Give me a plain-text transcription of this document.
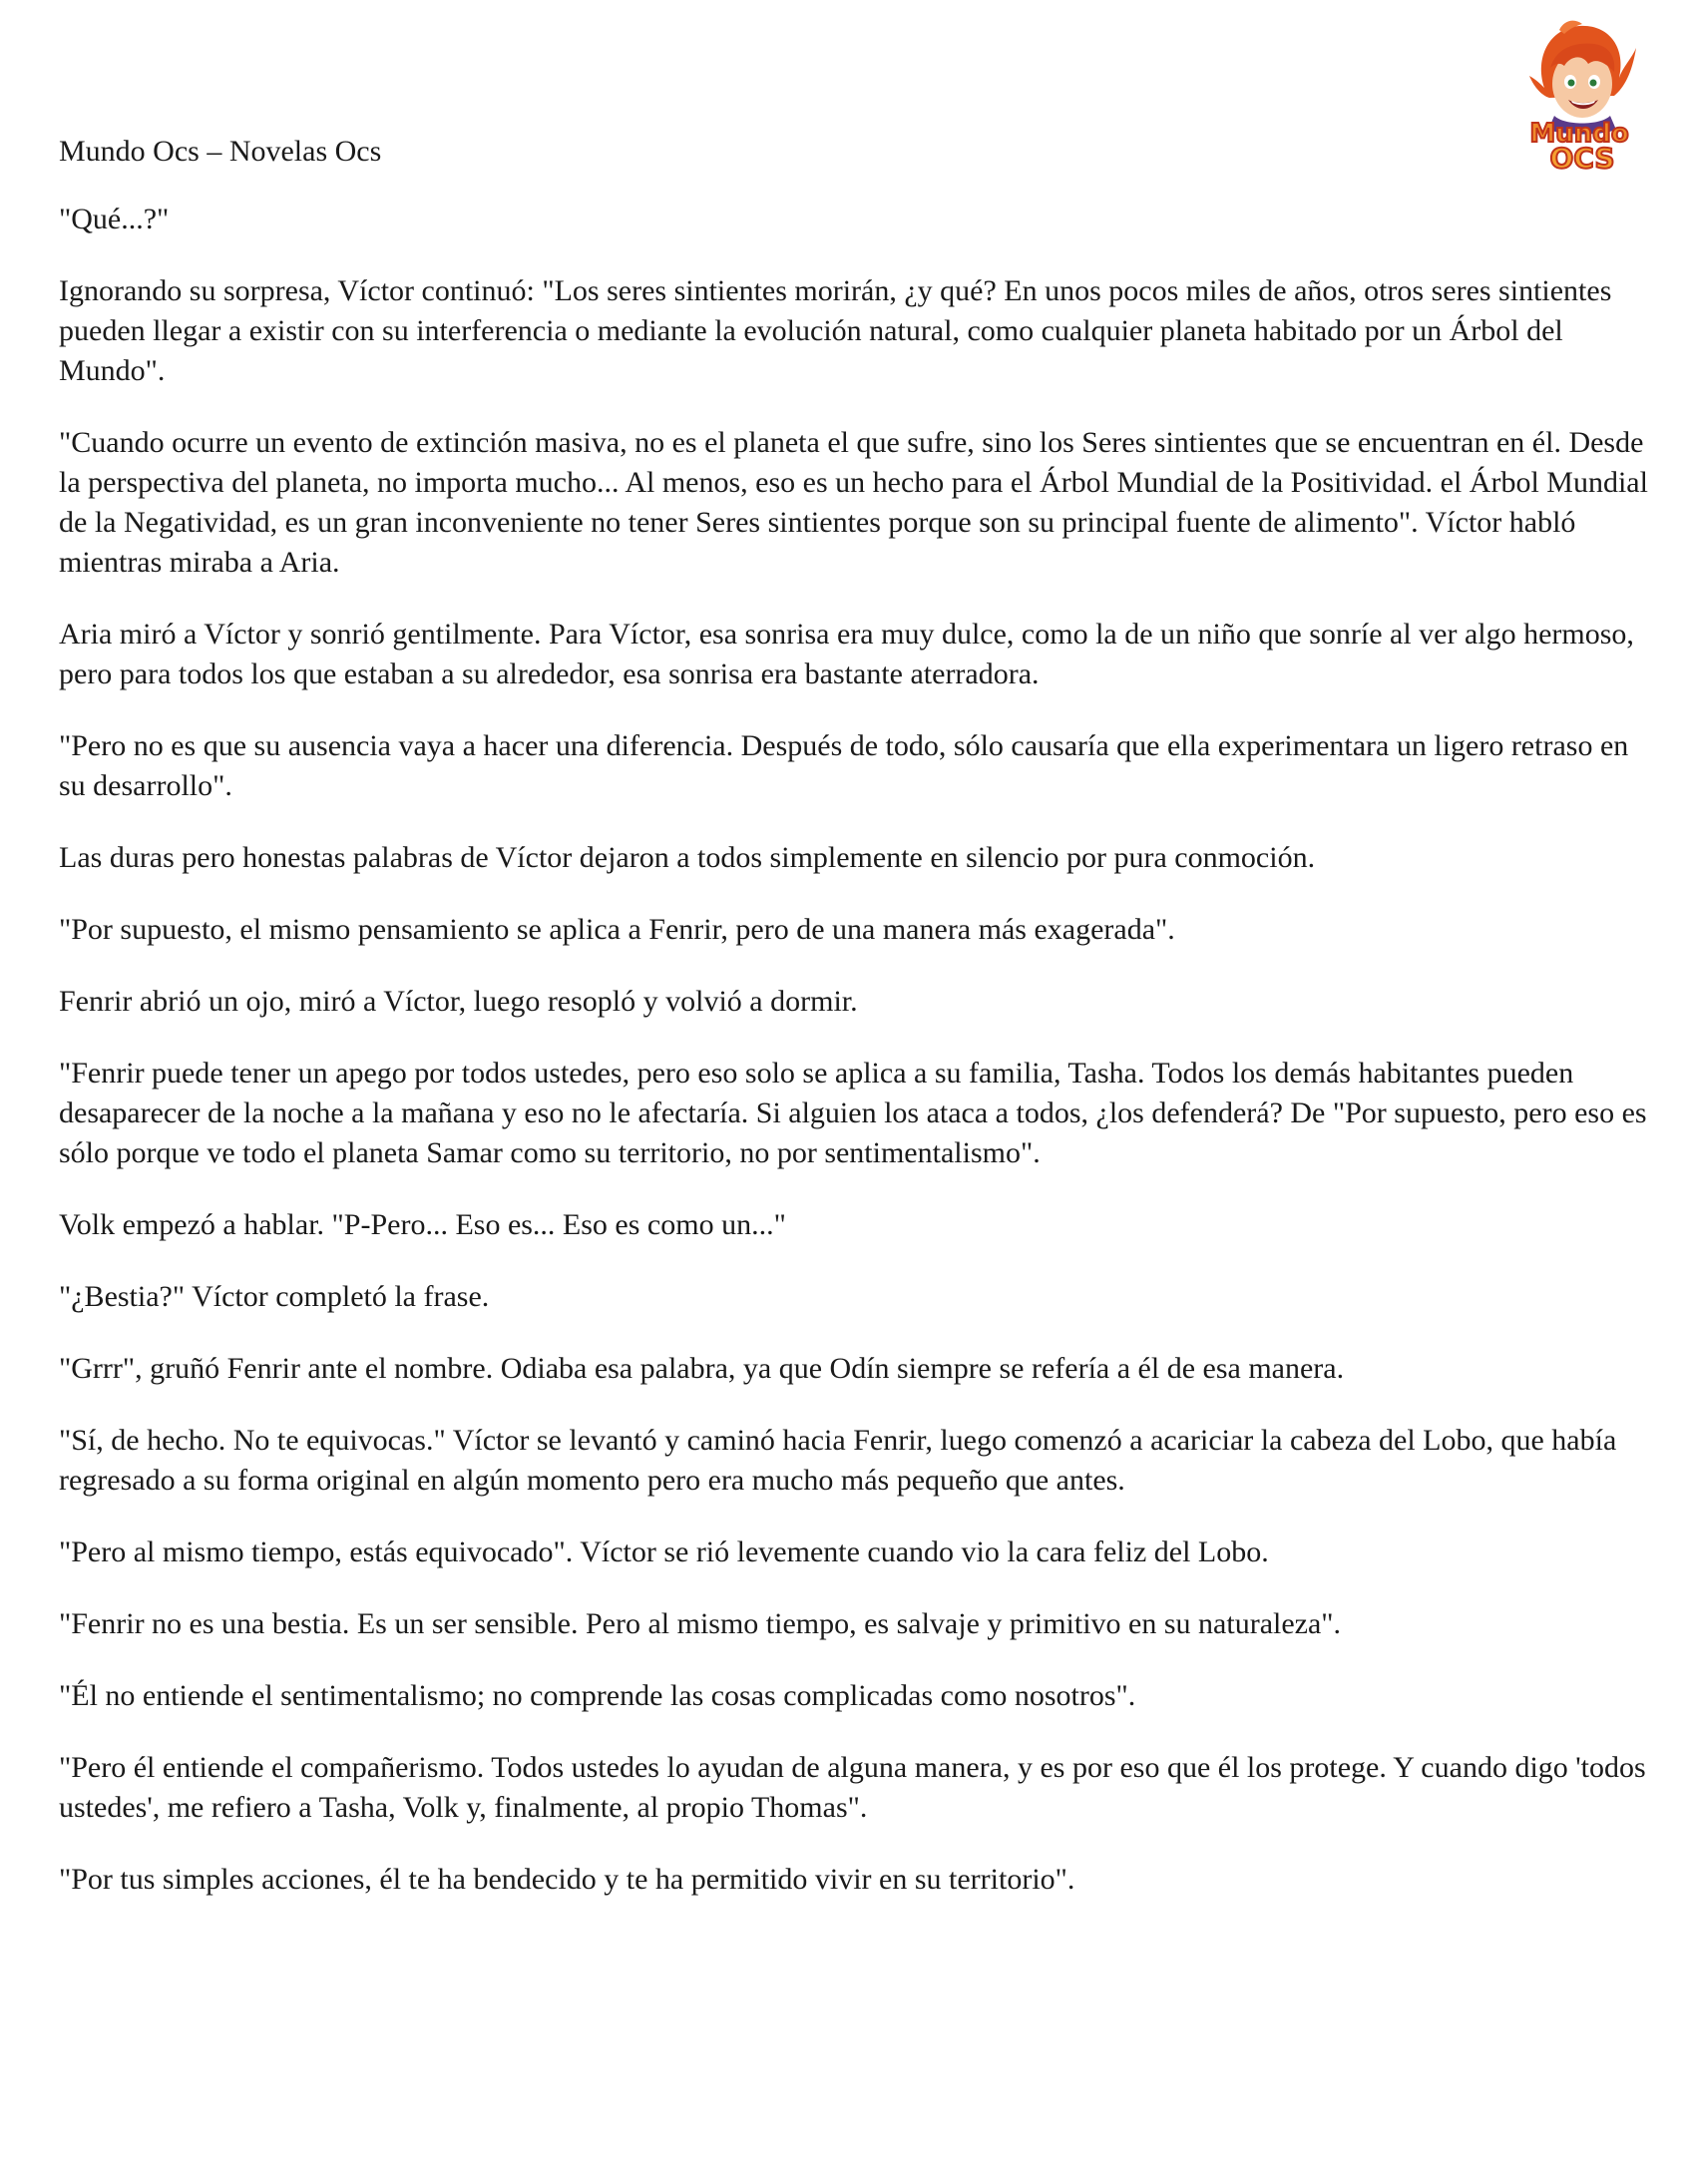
Mundo
OCS

Mundo Ocs – Novelas Ocs

"Qué...?"

Ignorando su sorpresa, Víctor continuó: "Los seres sintientes morirán, ¿y qué? En unos pocos miles de años, otros seres sintientes pueden llegar a existir con su interferencia o mediante la evolución natural, como cualquier planeta habitado por un Árbol del Mundo".

"Cuando ocurre un evento de extinción masiva, no es el planeta el que sufre, sino los Seres sintientes que se encuentran en él. Desde la perspectiva del planeta, no importa mucho... Al menos, eso es un hecho para el Árbol Mundial de la Positividad. el Árbol Mundial de la Negatividad, es un gran inconveniente no tener Seres sintientes porque son su principal fuente de alimento". Víctor habló mientras miraba a Aria.

Aria miró a Víctor y sonrió gentilmente. Para Víctor, esa sonrisa era muy dulce, como la de un niño que sonríe al ver algo hermoso, pero para todos los que estaban a su alrededor, esa sonrisa era bastante aterradora.

"Pero no es que su ausencia vaya a hacer una diferencia. Después de todo, sólo causaría que ella experimentara un ligero retraso en su desarrollo".

Las duras pero honestas palabras de Víctor dejaron a todos simplemente en silencio por pura conmoción.

"Por supuesto, el mismo pensamiento se aplica a Fenrir, pero de una manera más exagerada".

Fenrir abrió un ojo, miró a Víctor, luego resopló y volvió a dormir.

"Fenrir puede tener un apego por todos ustedes, pero eso solo se aplica a su familia, Tasha. Todos los demás habitantes pueden desaparecer de la noche a la mañana y eso no le afectaría. Si alguien los ataca a todos, ¿los defenderá? De "Por supuesto, pero eso es sólo porque ve todo el planeta Samar como su territorio, no por sentimentalismo".

Volk empezó a hablar. "P-Pero... Eso es... Eso es como un..."

"¿Bestia?" Víctor completó la frase.

"Grrr", gruñó Fenrir ante el nombre. Odiaba esa palabra, ya que Odín siempre se refería a él de esa manera.

"Sí, de hecho. No te equivocas." Víctor se levantó y caminó hacia Fenrir, luego comenzó a acariciar la cabeza del Lobo, que había regresado a su forma original en algún momento pero era mucho más pequeño que antes.

"Pero al mismo tiempo, estás equivocado". Víctor se rió levemente cuando vio la cara feliz del Lobo.

"Fenrir no es una bestia. Es un ser sensible. Pero al mismo tiempo, es salvaje y primitivo en su naturaleza".

"Él no entiende el sentimentalismo; no comprende las cosas complicadas como nosotros".

"Pero él entiende el compañerismo. Todos ustedes lo ayudan de alguna manera, y es por eso que él los protege. Y cuando digo 'todos ustedes', me refiero a Tasha, Volk y, finalmente, al propio Thomas".

"Por tus simples acciones, él te ha bendecido y te ha permitido vivir en su territorio".
